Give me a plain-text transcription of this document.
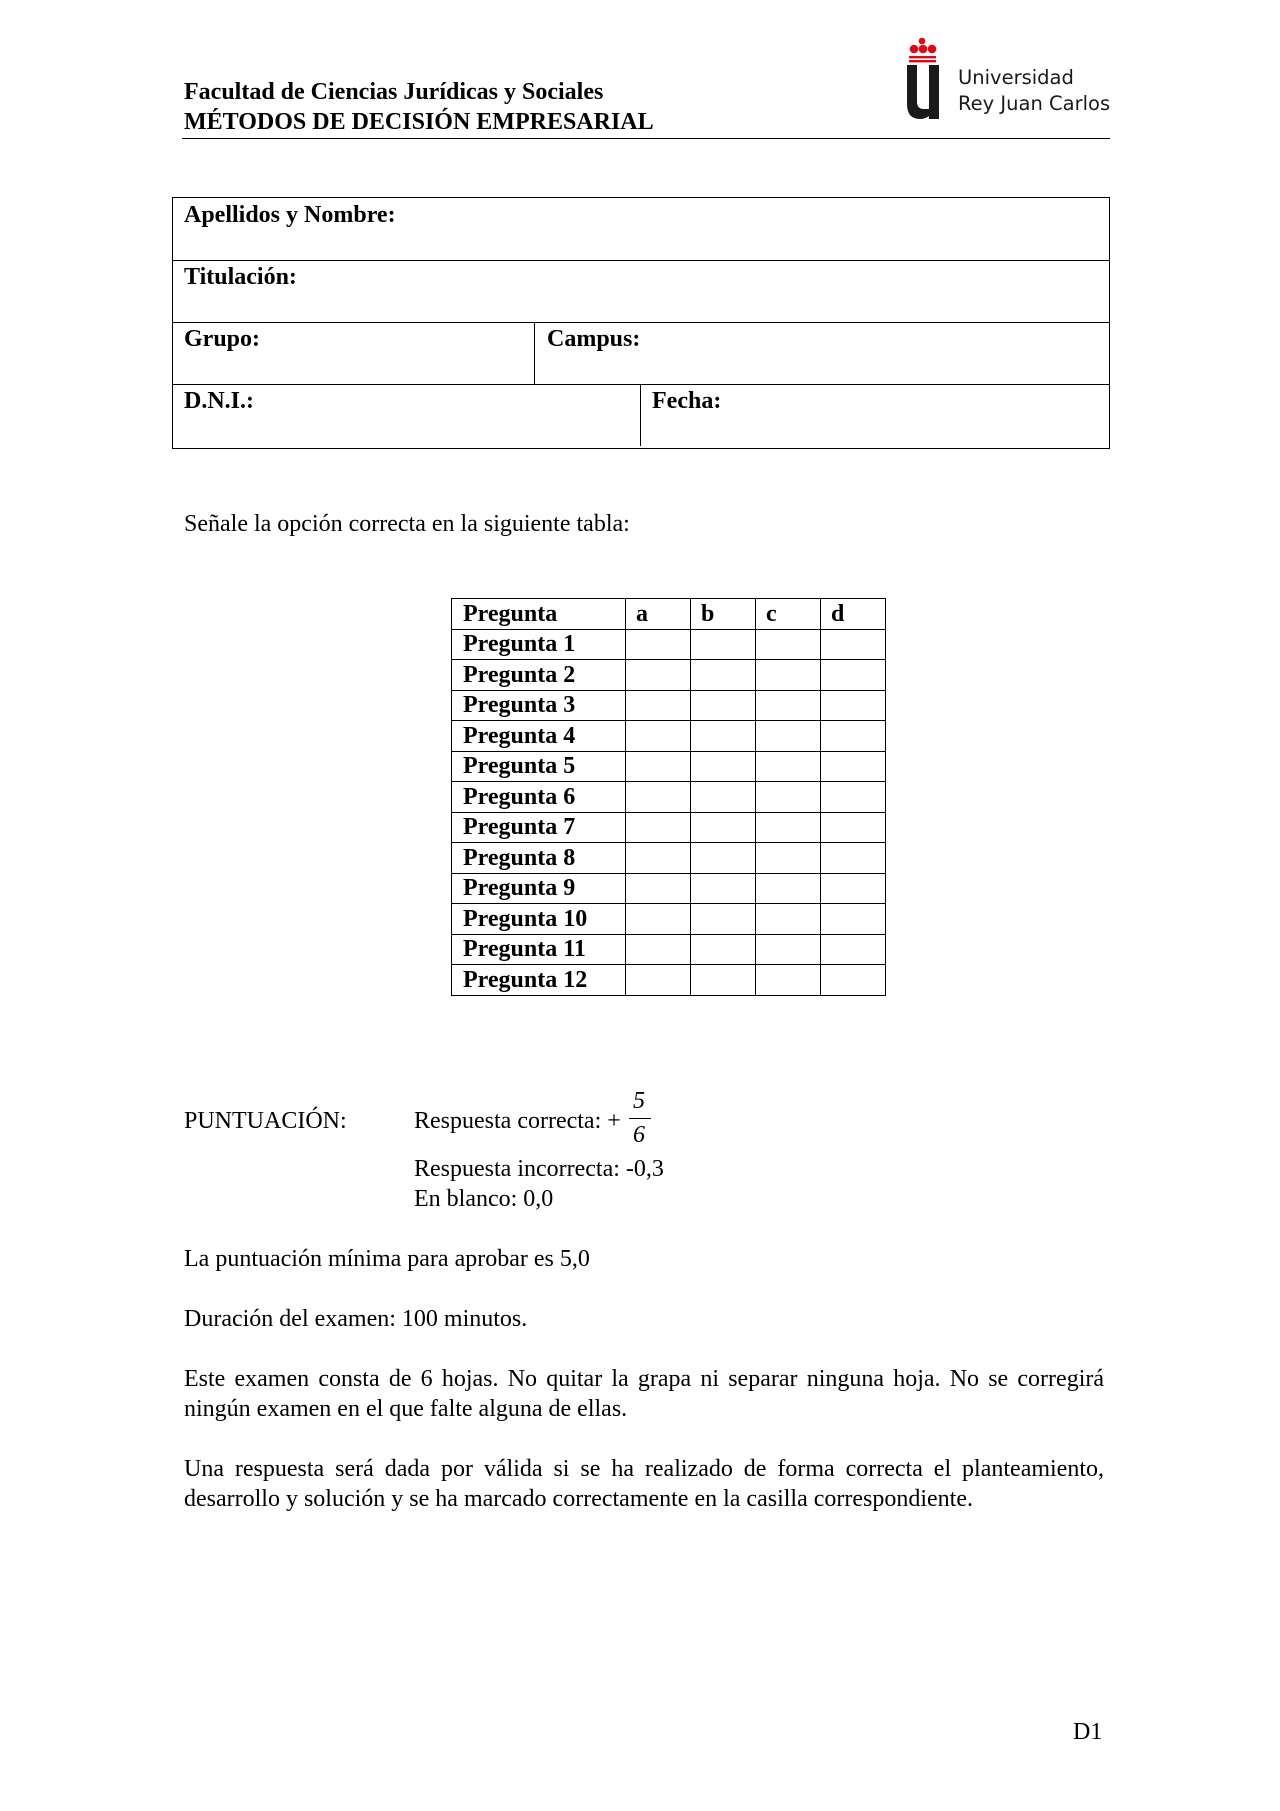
Facultad de Ciencias Jurídicas y Sociales
MÉTODOS DE DECISIÓN EMPRESARIAL
Universidad
Rey Juan Carlos
Apellidos y Nombre:
Titulación:
Grupo:	Campus:
D.N.I.:	Fecha:
Señale la opción correcta en la siguiente tabla:
Pregunta	a	b	c	d
Pregunta 1				
Pregunta 2				
Pregunta 3				
Pregunta 4				
Pregunta 5				
Pregunta 6				
Pregunta 7				
Pregunta 8				
Pregunta 9				
Pregunta 10				
Pregunta 11				
Pregunta 12				
PUNTUACIÓN:	Respuesta correcta: +
5
6
Respuesta incorrecta: -0,3
En blanco: 0,0
La puntuación mínima para aprobar es 5,0
Duración del examen: 100 minutos.
Este examen consta de 6 hojas. No quitar la grapa ni separar ninguna hoja. No se corregirá ningún examen en el que falte alguna de ellas.
Una respuesta será dada por válida si se ha realizado de forma correcta el planteamiento, desarrollo y solución y se ha marcado correctamente en la casilla correspondiente.
D1
